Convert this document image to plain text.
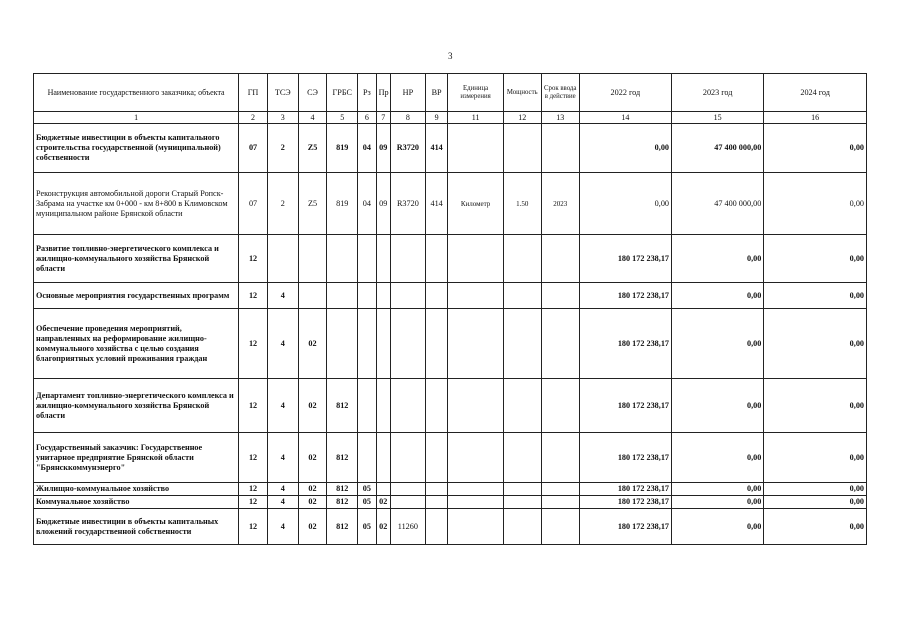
3
Наименование государственного заказчика; объекта	ГП	ТСЭ	СЭ	ГРБС	Рз	Пр	НР	ВР	Единица измерения	Мощность	Срок ввода в действие	2022 год	2023 год	2024 год
1	2	3	4	5	6	7	8	9	11	12	13	14	15	16
Бюджетные инвестиции в объекты капитального строительства государственной (муниципальной) собственности	07	2	Z5	819	04	09	R3720	414				0,00	47 400 000,00	0,00
Реконструкция автомобильной дороги Старый Ропск-Забрама на участке км 0+000 - км 8+800 в Климовском муниципальном районе Брянской области	07	2	Z5	819	04	09	R3720	414	Километр	1.50	2023	0,00	47 400 000,00	0,00
Развитие топливно-энергетического комплекса и жилищно-коммунального хозяйства Брянской области	12											180 172 238,17	0,00	0,00
Основные мероприятия государственных программ	12	4										180 172 238,17	0,00	0,00
Обеспечение проведения мероприятий, направленных на реформирование жилищно-коммунального хозяйства с целью создания благоприятных условий проживания граждан	12	4	02									180 172 238,17	0,00	0,00
Департамент топливно-энергетического комплекса и жилищно-коммунального хозяйства Брянской области	12	4	02	812								180 172 238,17	0,00	0,00
Государственный заказчик: Государственное унитарное предприятие Брянской области "Брянсккоммунэнерго"	12	4	02	812								180 172 238,17	0,00	0,00
Жилищно-коммунальное хозяйство	12	4	02	812	05							180 172 238,17	0,00	0,00
Коммунальное хозяйство	12	4	02	812	05	02						180 172 238,17	0,00	0,00
Бюджетные инвестиции в объекты капитальных вложений государственной собственности	12	4	02	812	05	02	11260					180 172 238,17	0,00	0,00
